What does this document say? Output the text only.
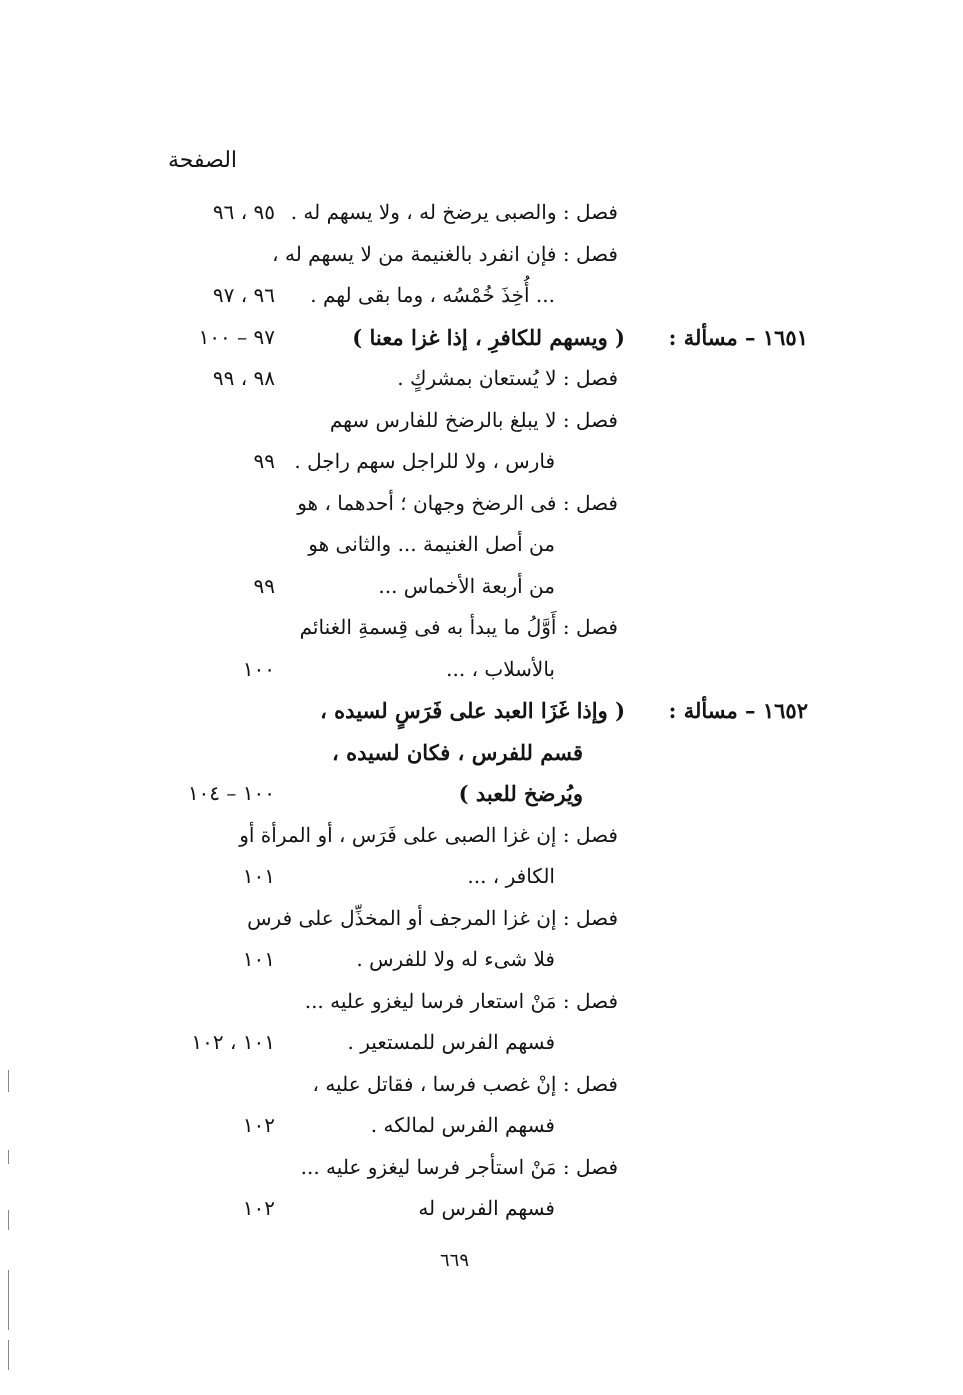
الصفحة
فصل : والصبى يرضخ له ، ولا يسهم له .
٩٥ ، ٩٦
فصل : فإن انفرد بالغنيمة من لا يسهم له ،
... أُخِذَ خُمْسُه ، وما بقى لهم .
٩٦ ، ٩٧
١٦٥١ – مسألة :
( ويسهم للكافرِ ، إذا غزا معنا )
٩٧ – ١٠٠
فصل : لا يُستعان بمشركٍ .
٩٨ ، ٩٩
فصل : لا يبلغ بالرضخ للفارس سهم
فارس ، ولا للراجل سهم راجل .
٩٩
فصل : فى الرضخ وجهان ؛ أحدهما ، هو
من أصل الغنيمة ... والثانى هو
من أربعة الأخماس ...
٩٩
فصل : أَوَّلُ ما يبدأ به فى قِسمةِ الغنائم
بالأسلاب ، ...
١٠٠
١٦٥٢ – مسألة :
( وإذا غَزَا العبد على فَرَسٍ لسيده ،
قسم للفرس ، فكان لسيده ،
ويُرضخ للعبد )
١٠٠ – ١٠٤
فصل : إن غزا الصبى على فَرَس ، أو المرأة أو
الكافر ، ...
١٠١
فصل : إن غزا المرجف أو المخذِّل على فرس
فلا شىء له ولا للفرس .
١٠١
فصل : مَنْ استعار فرسا ليغزو عليه ...
فسهم الفرس للمستعير .
١٠١ ، ١٠٢
فصل : إنْ غصب فرسا ، فقاتل عليه ،
فسهم الفرس لمالكه .
١٠٢
فصل : مَنْ استأجر فرسا ليغزو عليه ...
فسهم الفرس له
١٠٢
٦٦٩
